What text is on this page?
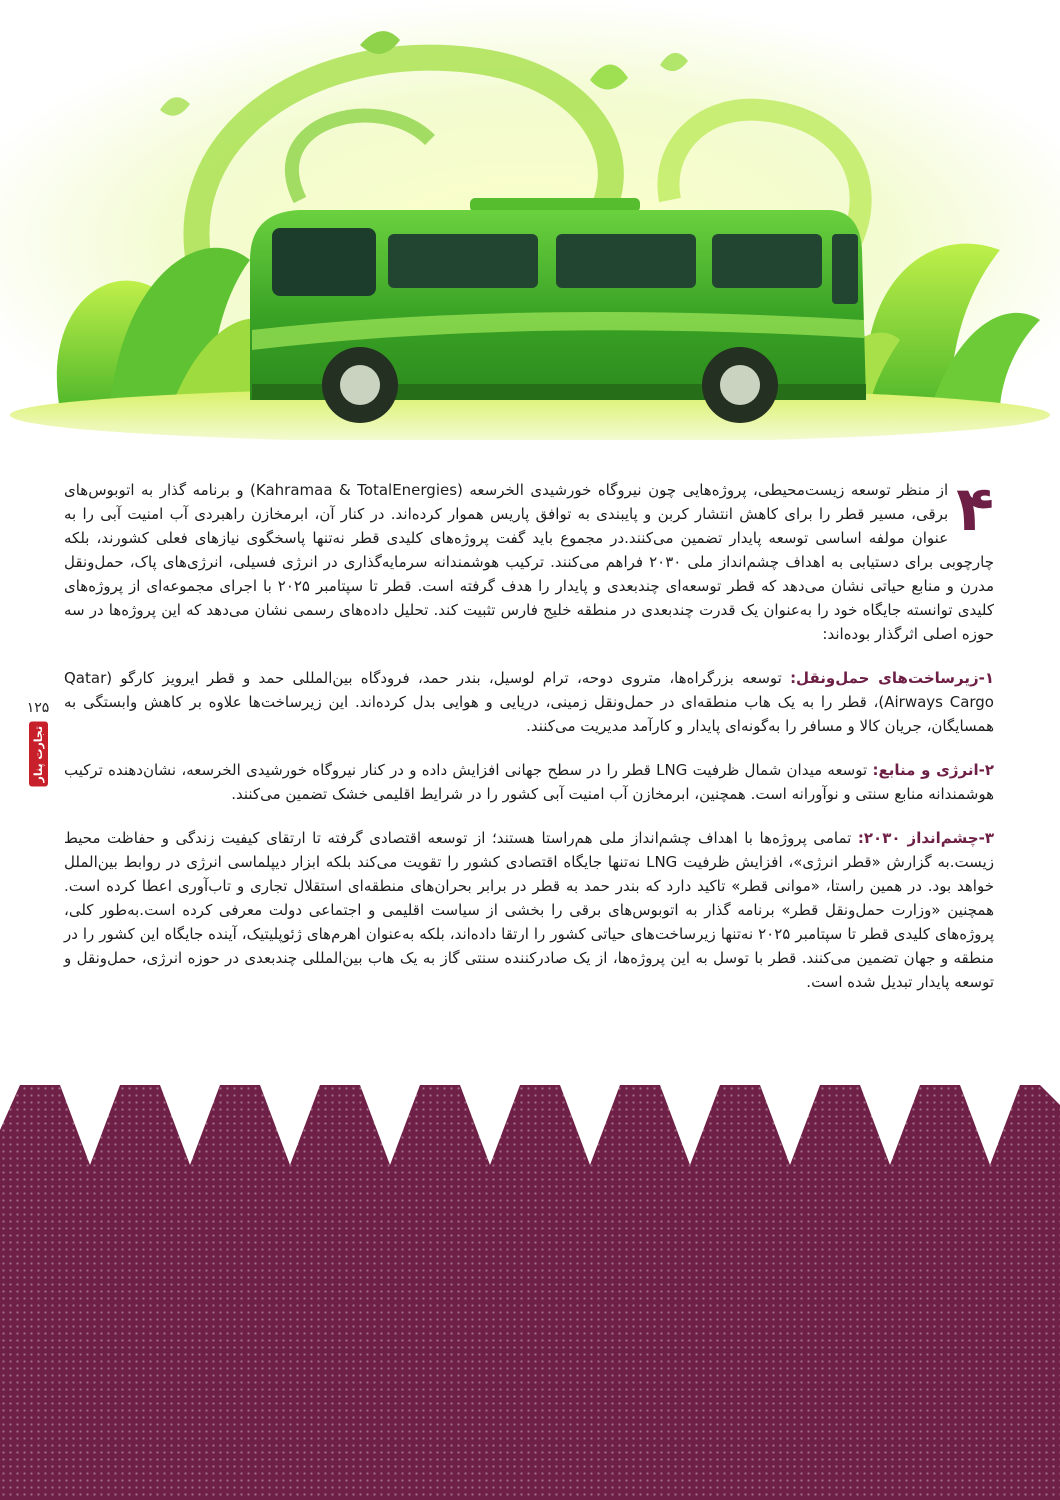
۱۲۵
تجارت پنا‌ر

۴
از منظر توسعه زیست‌محیطی، پروژه‌هایی چون نیروگاه خورشیدی الخرسعه (Kahramaa & TotalEnergies) و برنامه گذار به اتوبوس‌های برقی، مسیر قطر را برای کاهش انتشار کربن و پایبندی به توافق پاریس هموار کرده‌اند. در کنار آن، ابرمخازن راهبردی آب امنیت آبی را به عنوان مولفه اساسی توسعه پایدار تضمین می‌کنند.در مجموع باید گفت پروژه‌های کلیدی قطر نه‌تنها پاسخگوی نیازهای فعلی کشورند، بلکه چارچوبی برای دستیابی به اهداف چشم‌انداز ملی ۲۰۳۰ فراهم می‌کنند. ترکیب هوشمندانه سرمایه‌گذاری در انرژی فسیلی، انرژی‌های پاک، حمل‌ونقل مدرن و منابع حیاتی نشان می‌دهد که قطر توسعه‌ای چندبعدی و پایدار را هدف گرفته است. قطر تا سپتامبر ۲۰۲۵ با اجرای مجموعه‌ای از پروژه‌های کلیدی توانسته جایگاه خود را به‌عنوان یک قدرت چندبعدی در منطقه خلیج فارس تثبیت کند. تحلیل داده‌های رسمی نشان می‌دهد که این پروژه‌ها در سه حوزه اصلی اثرگذار بوده‌اند:

۱-زیرساخت‌های حمل‌ونقل: توسعه بزرگراه‌ها، متروی دوحه، ترام لوسیل، بندر حمد، فرودگاه بین‌المللی حمد و قطر ایرویز کارگو (Qatar Airways Cargo)، قطر را به یک هاب منطقه‌ای در حمل‌ونقل زمینی، دریایی و هوایی بدل کرده‌اند. این زیرساخت‌ها علاوه بر کاهش وابستگی به همسایگان، جریان کالا و مسافر را به‌گونه‌ای پایدار و کارآمد مدیریت می‌کنند.

۲-انرژی و منابع: توسعه میدان شمال ظرفیت LNG قطر را در سطح جهانی افزایش داده و در کنار نیروگاه خورشیدی الخرسعه، نشان‌دهنده ترکیب هوشمندانه منابع سنتی و نوآورانه است. همچنین، ابرمخازن آب امنیت آبی کشور را در شرایط اقلیمی خشک تضمین می‌کنند.

۳-چشم‌انداز ۲۰۳۰: تمامی پروژه‌ها با اهداف چشم‌انداز ملی هم‌راستا هستند؛ از توسعه اقتصادی گرفته تا ارتقای کیفیت زندگی و حفاظت محیط زیست.به گزارش «قطر انرژی»، افزایش ظرفیت LNG نه‌تنها جایگاه اقتصادی کشور را تقویت می‌کند بلکه ابزار دیپلماسی انرژی در روابط بین‌الملل خواهد بود. در همین راستا، «موانی قطر» تاکید دارد که بندر حمد به قطر در برابر بحران‌های منطقه‌ای استقلال تجاری و تاب‌آوری اعطا کرده است. همچنین «وزارت حمل‌ونقل قطر» برنامه گذار به اتوبوس‌های برقی را بخشی از سیاست اقلیمی و اجتماعی دولت معرفی کرده است.به‌طور کلی، پروژه‌های کلیدی قطر تا سپتامبر ۲۰۲۵ نه‌تنها زیرساخت‌های حیاتی کشور را ارتقا داده‌اند، بلکه به‌عنوان اهرم‌های ژئوپلیتیک، آینده جایگاه این کشور را در منطقه و جهان تضمین می‌کنند. قطر با توسل به این پروژه‌ها، از یک صادرکننده سنتی گاز به یک هاب بین‌المللی چندبعدی در حوزه انرژی، حمل‌ونقل و توسعه پایدار تبدیل شده است.
